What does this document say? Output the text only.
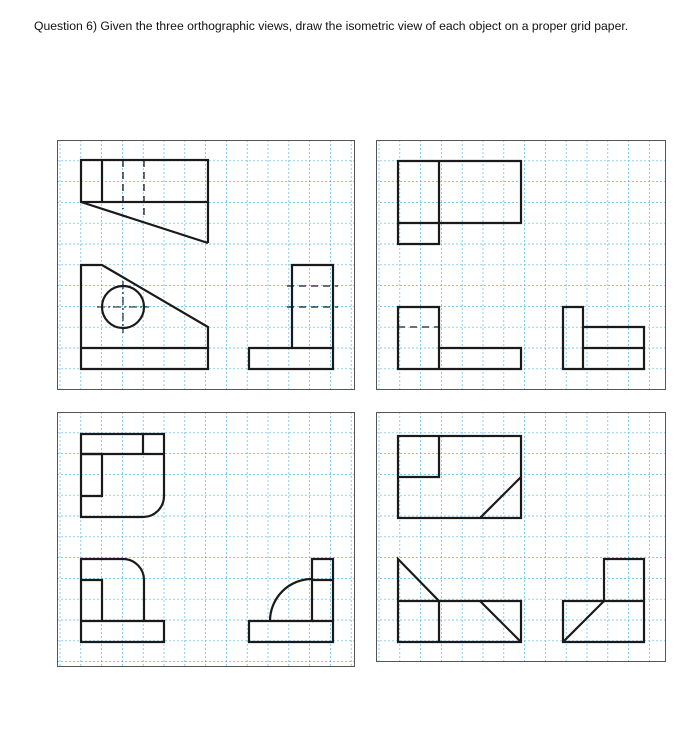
Question 6) Given the three orthographic views, draw the isometric view of each object on a proper grid paper.
